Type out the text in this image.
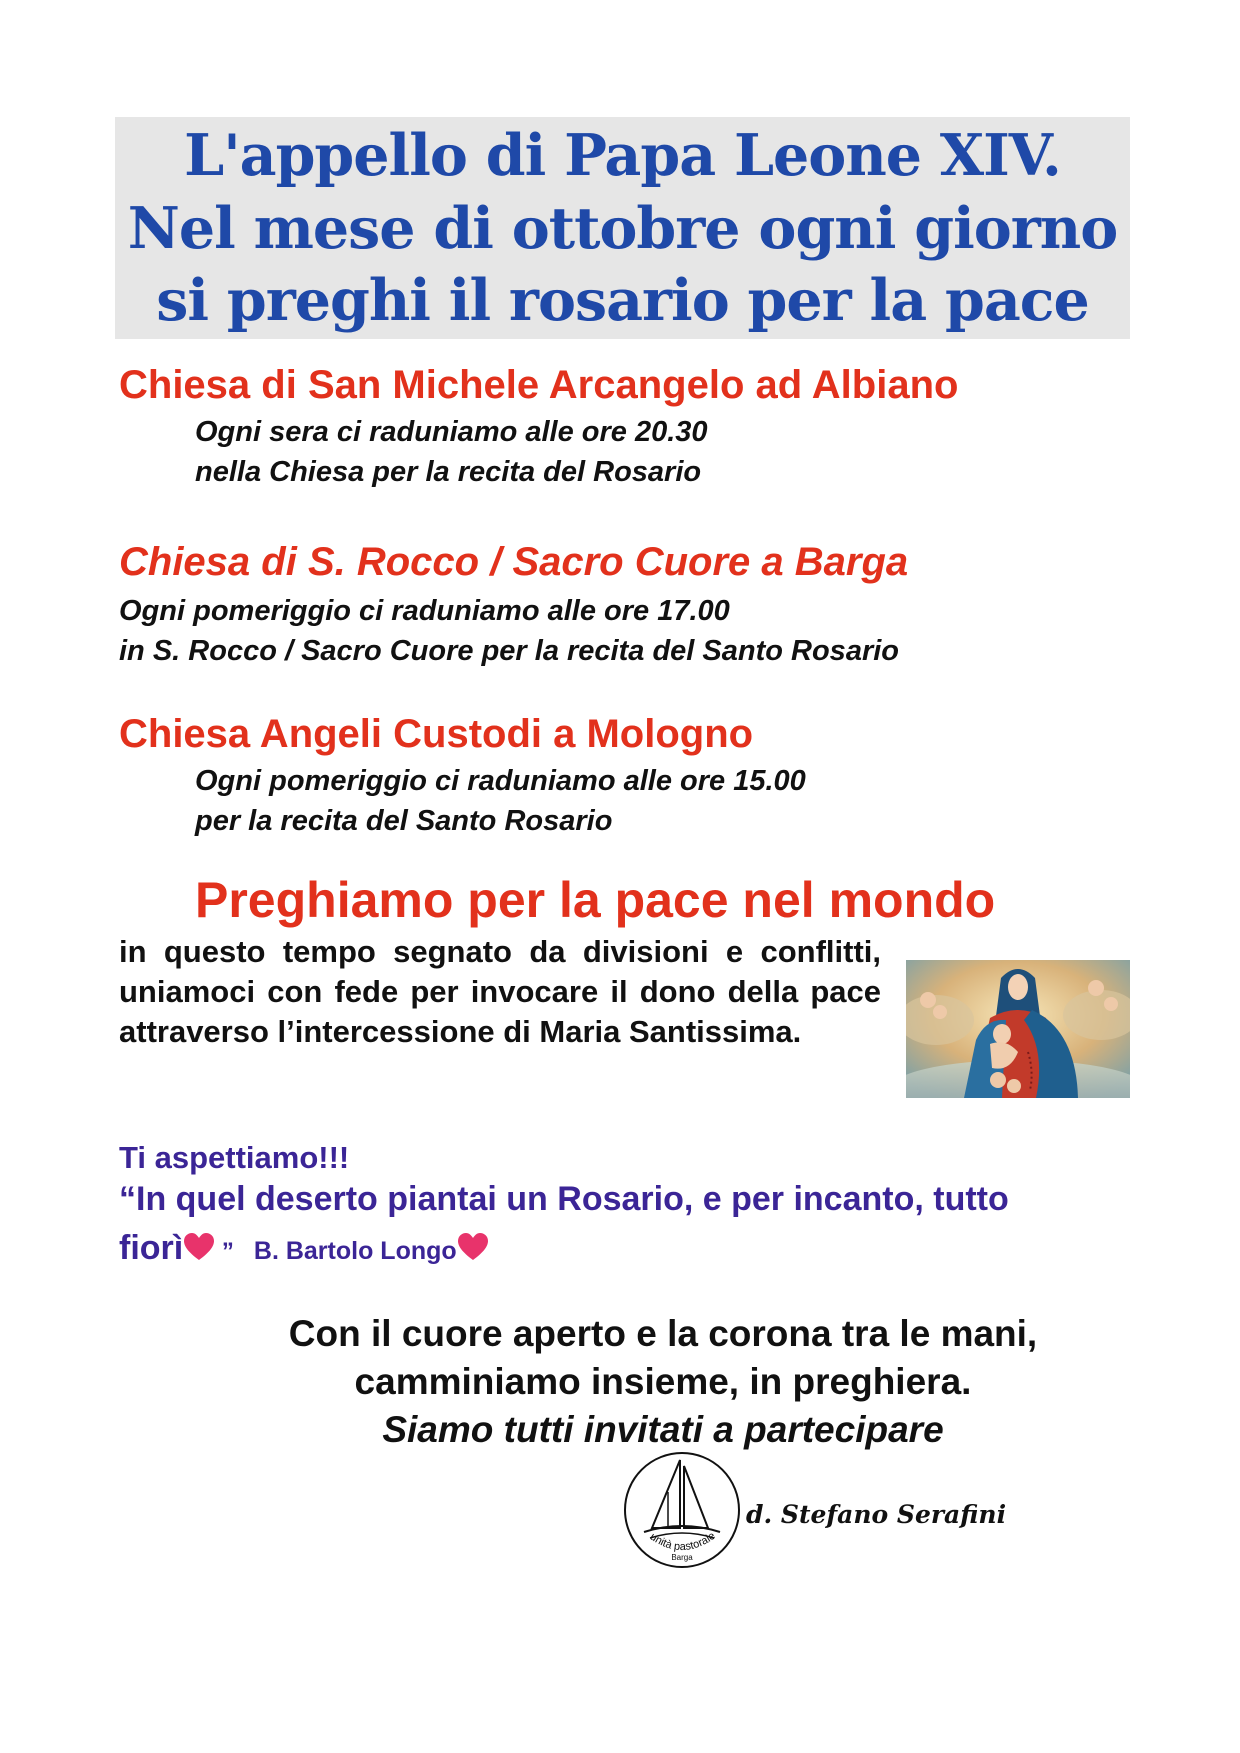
L'appello di Papa Leone XIV.
Nel mese di ottobre ogni giorno
si preghi il rosario per la pace
Chiesa di San Michele Arcangelo ad Albiano
Ogni sera ci raduniamo alle ore 20.30
nella Chiesa per la recita del Rosario
Chiesa di S. Rocco / Sacro Cuore a Barga
Ogni pomeriggio ci raduniamo alle ore 17.00
in S. Rocco / Sacro Cuore per la recita del Santo Rosario
Chiesa Angeli Custodi a Mologno
Ogni pomeriggio ci raduniamo alle ore 15.00
per la recita del Santo Rosario
Preghiamo per la pace nel mondo
in questo tempo segnato da divisioni e conflitti, uniamoci con fede per invocare il dono della pace attraverso l’intercessione di Maria Santissima.
Ti aspettiamo!!!
“In quel deserto piantai un Rosario, e per incanto, tutto
fiorì ” B. Bartolo Longo
Con il cuore aperto e la corona tra le mani,
camminiamo insieme, in preghiera.
Siamo tutti invitati a partecipare
unità pastorale
Barga
d. Stefano Serafini
